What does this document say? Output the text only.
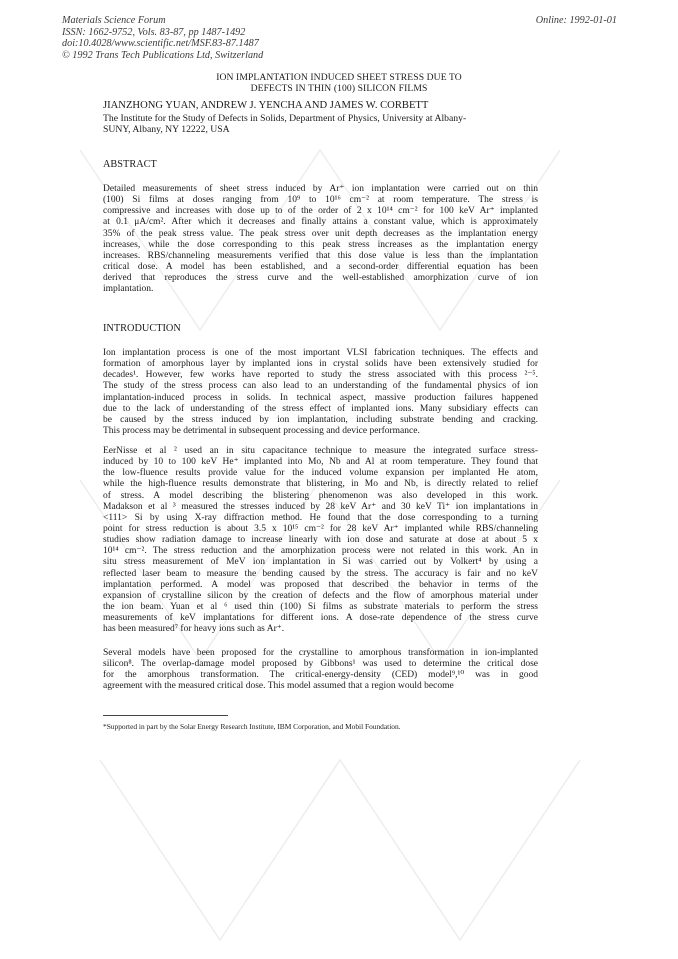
Materials Science Forum
ISSN: 1662-9752, Vols. 83-87, pp 1487-1492
doi:10.4028/www.scientific.net/MSF.83-87.1487
© 1992 Trans Tech Publications Ltd, Switzerland
Online: 1992-01-01
ION IMPLANTATION INDUCED SHEET STRESS DUE TO
DEFECTS IN THIN (100) SILICON FILMS
JIANZHONG YUAN, ANDREW J. YENCHA AND JAMES W. CORBETT
The Institute for the Study of Defects in Solids, Department of Physics, University at Albany-
SUNY, Albany, NY 12222, USA
ABSTRACT
Detailed measurements of sheet stress induced by Ar⁺ ion implantation were carried out on thin
(100) Si films at doses ranging from 10⁹ to 10¹⁶ cm⁻² at room temperature. The stress is
compressive and increases with dose up to of the order of 2 x 10¹⁴ cm⁻² for 100 keV Ar⁺ implanted
at 0.1 μA/cm². After which it decreases and finally attains a constant value, which is approximately
35% of the peak stress value. The peak stress over unit depth decreases as the implantation energy
increases, while the dose corresponding to this peak stress increases as the implantation energy
increases. RBS/channeling measurements verified that this dose value is less than the implantation
critical dose. A model has been established, and a second-order differential equation has been
derived that reproduces the stress curve and the well-established amorphization curve of ion
implantation.
INTRODUCTION
Ion implantation process is one of the most important VLSI fabrication techniques. The effects and
formation of amorphous layer by implanted ions in crystal solids have been extensively studied for
decades¹. However, few works have reported to study the stress associated with this process ²⁻⁵.
The study of the stress process can also lead to an understanding of the fundamental physics of ion
implantation-induced process in solids. In technical aspect, massive production failures happened
due to the lack of understanding of the stress effect of implanted ions. Many subsidiary effects can
be caused by the stress induced by ion implantation, including substrate bending and cracking.
This process may be detrimental in subsequent processing and device performance.
EerNisse et al ² used an in situ capacitance technique to measure the integrated surface stress-
induced by 10 to 100 keV He⁺ implanted into Mo, Nb and Al at room temperature. They found that
the low-fluence results provide value for the induced volume expansion per implanted He atom,
while the high-fluence results demonstrate that blistering, in Mo and Nb, is directly related to relief
of stress. A model describing the blistering phenomenon was also developed in this work.
Madakson et al ³ measured the stresses induced by 28 keV Ar⁺ and 30 keV Ti⁺ ion implantations in
<111> Si by using X-ray diffraction method. He found that the dose corresponding to a turning
point for stress reduction is about 3.5 x 10¹⁵ cm⁻² for 28 keV Ar⁺ implanted while RBS/channeling
studies show radiation damage to increase linearly with ion dose and saturate at dose at about 5 x
10¹⁴ cm⁻². The stress reduction and the amorphization process were not related in this work. An in
situ stress measurement of MeV ion implantation in Si was carried out by Volkert⁴ by using a
reflected laser beam to measure the bending caused by the stress. The accuracy is fair and no keV
implantation performed. A model was proposed that described the behavior in terms of the
expansion of crystalline silicon by the creation of defects and the flow of amorphous material under
the ion beam. Yuan et al ⁶ used thin (100) Si films as substrate materials to perform the stress
measurements of keV implantations for different ions. A dose-rate dependence of the stress curve
has been measured⁷ for heavy ions such as Ar⁺.
Several models have been proposed for the crystalline to amorphous transformation in ion-implanted
silicon⁸. The overlap-damage model proposed by Gibbons¹ was used to determine the critical dose
for the amorphous transformation. The critical-energy-density (CED) model⁹,¹⁰ was in good
agreement with the measured critical dose. This model assumed that a region would become
*Supported in part by the Solar Energy Research Institute, IBM Corporation, and Mobil Foundation.
